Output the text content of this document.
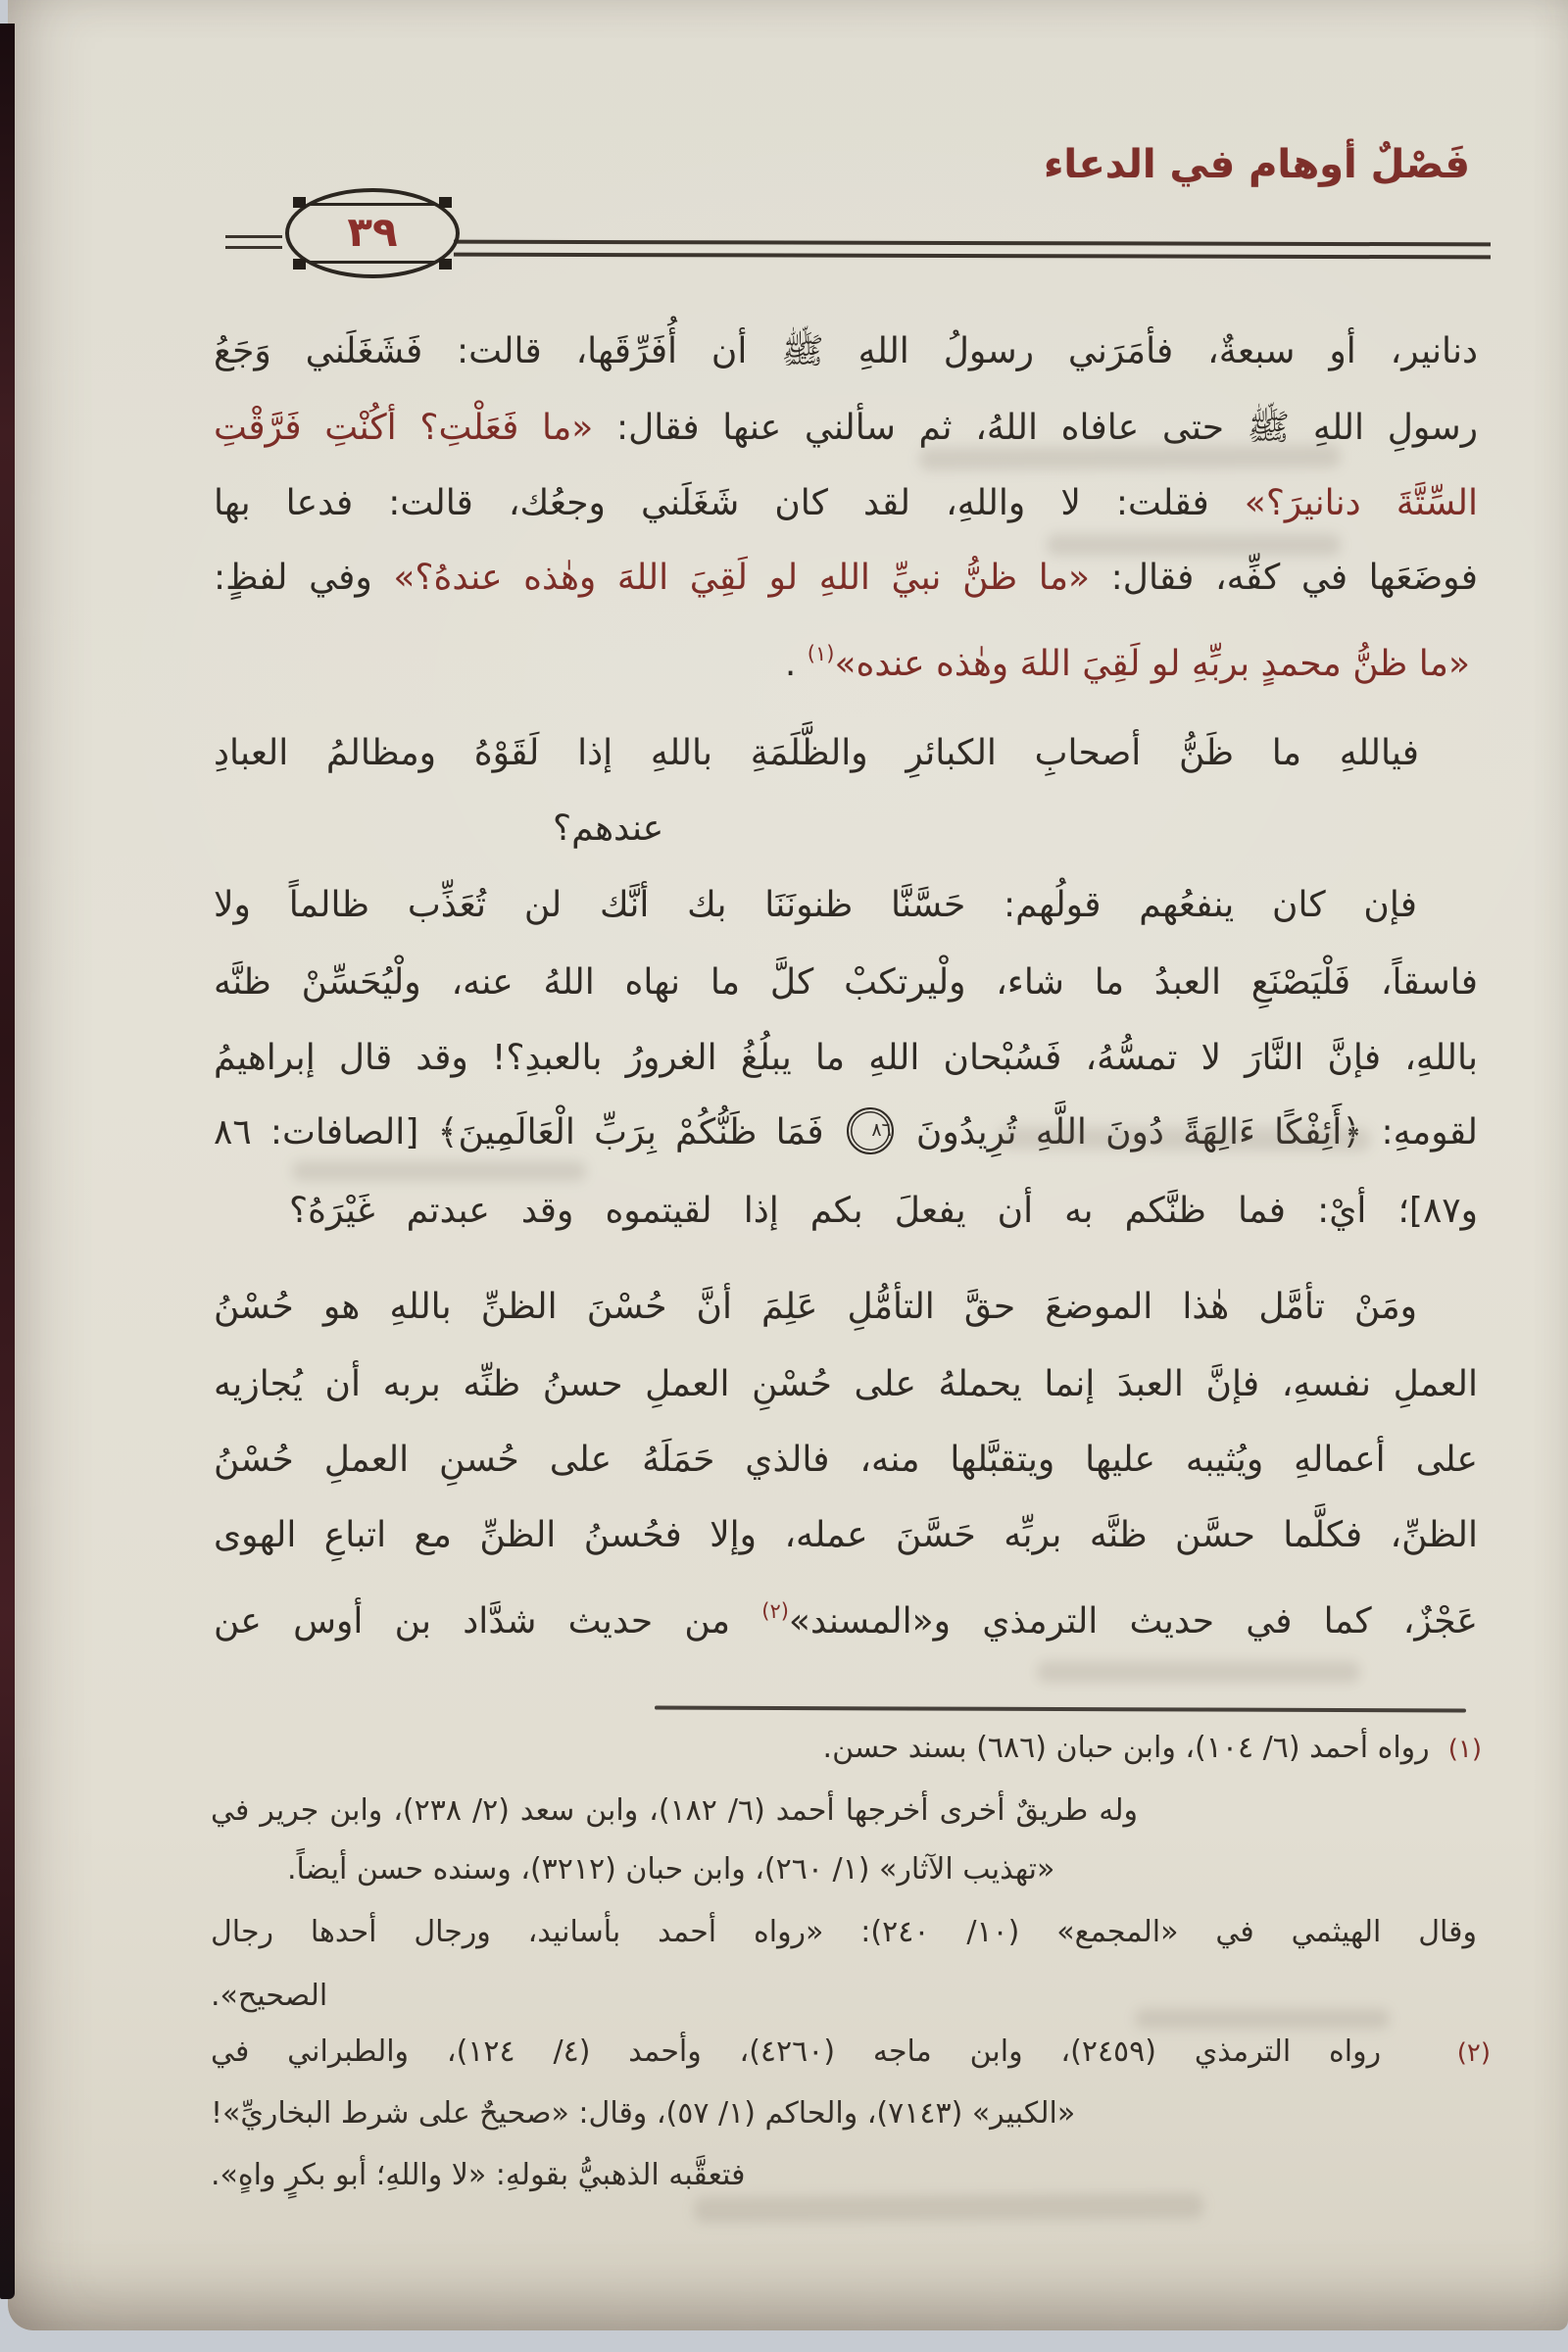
فَصْلٌ أوهام في الدعاء
٣٩
دنانير، أو سبعةٌ، فأمَرَني رسولُ اللهِ ﷺ أن أُفَرِّقَها، قالت: فَشَغَلَني وَجَعُ
رسولِ اللهِ ﷺ حتى عافاه اللهُ، ثم سألني عنها فقال: «ما فَعَلْتِ؟ أكُنْتِ فَرَّقْتِ
السِّتَّةَ دنانيرَ؟» فقلت: لا واللهِ، لقد كان شَغَلَني وجعُك، قالت: فدعا بها
فوضَعَها في كفِّه، فقال: «ما ظنُّ نبيِّ اللهِ لو لَقِيَ اللهَ وهٰذه عندهُ؟» وفي لفظٍ:
«ما ظنُّ محمدٍ بربِّهِ لو لَقِيَ اللهَ وهٰذه عنده»$^{(١)}$ .
فياللهِ ما ظَنُّ أصحابِ الكبائرِ والظَّلَمَةِ باللهِ إذا لَقَوْهُ ومظالمُ العبادِ
عندهم؟
فإن كان ينفعُهم قولُهم: حَسَّنَّا ظنونَنَا بك أنَّك لن تُعَذِّب ظالماً ولا
فاسقاً، فَلْيَصْنَعِ العبدُ ما شاء، ولْيرتكبْ كلَّ ما نهاه اللهُ عنه، ولْيُحَسِّنْ ظنَّه
باللهِ، فإنَّ النَّارَ لا تمسُّهُ، فَسُبْحان اللهِ ما يبلُغُ الغرورُ بالعبدِ؟! وقد قال إبراهيمُ
لقومهِ: ﴿أَئِفْكًا ءَالِهَةً دُونَ اللَّهِ تُرِيدُونَ
٨٦
فَمَا ظَنُّكُمْ بِرَبِّ الْعَالَمِينَ﴾ [الصافات: ٨٦
و٨٧]؛ أيْ: فما ظنَّكم به أن يفعلَ بكم إذا لقيتموه وقد عبدتم غَيْرَهُ؟
ومَنْ تأمَّل هٰذا الموضعَ حقَّ التأمُّلِ عَلِمَ أنَّ حُسْنَ الظنِّ باللهِ هو حُسْنُ
العملِ نفسهِ، فإنَّ العبدَ إنما يحملهُ على حُسْنِ العملِ حسنُ ظنِّه بربه أن يُجازيه
على أعمالهِ ويُثيبه عليها ويتقبَّلها منه، فالذي حَمَلَهُ على حُسنِ العملِ حُسْنُ
الظنِّ، فكلَّما حسَّن ظنَّه بربِّه حَسَّنَ عمله، وإلا فحُسنُ الظنِّ مع اتباعِ الهوى
عَجْزٌ، كما في حديث الترمذي و«المسند»$^{(٢)}$ من حديث شدَّاد بن أوس عن
(١)​  رواه أحمد (٦/ ١٠٤)، وابن حبان (٦٨٦) بسند حسن.
وله طريقٌ أخرى أخرجها أحمد (٦/ ١٨٢)، وابن سعد (٢/ ٢٣٨)، وابن جرير في
«تهذيب الآثار» (١/ ٢٦٠)، وابن حبان (٣٢١٢)، وسنده حسن أيضاً.
وقال الهيثمي في «المجمع» (١٠/ ٢٤٠): «رواه أحمد بأسانيد، ورجال أحدها رجال
الصحيح».
(٢)​  رواه الترمذي (٢٤٥٩)، وابن ماجه (٤٢٦٠)، وأحمد (٤/ ١٢٤)، والطبراني في
«الكبير» (٧١٤٣)، والحاكم (١/ ٥٧)، وقال: «صحيحٌ على شرط البخاريِّ»!
فتعقَّبه الذهبيُّ بقولهِ: «لا واللهِ؛ أبو بكرٍ واهٍ».
